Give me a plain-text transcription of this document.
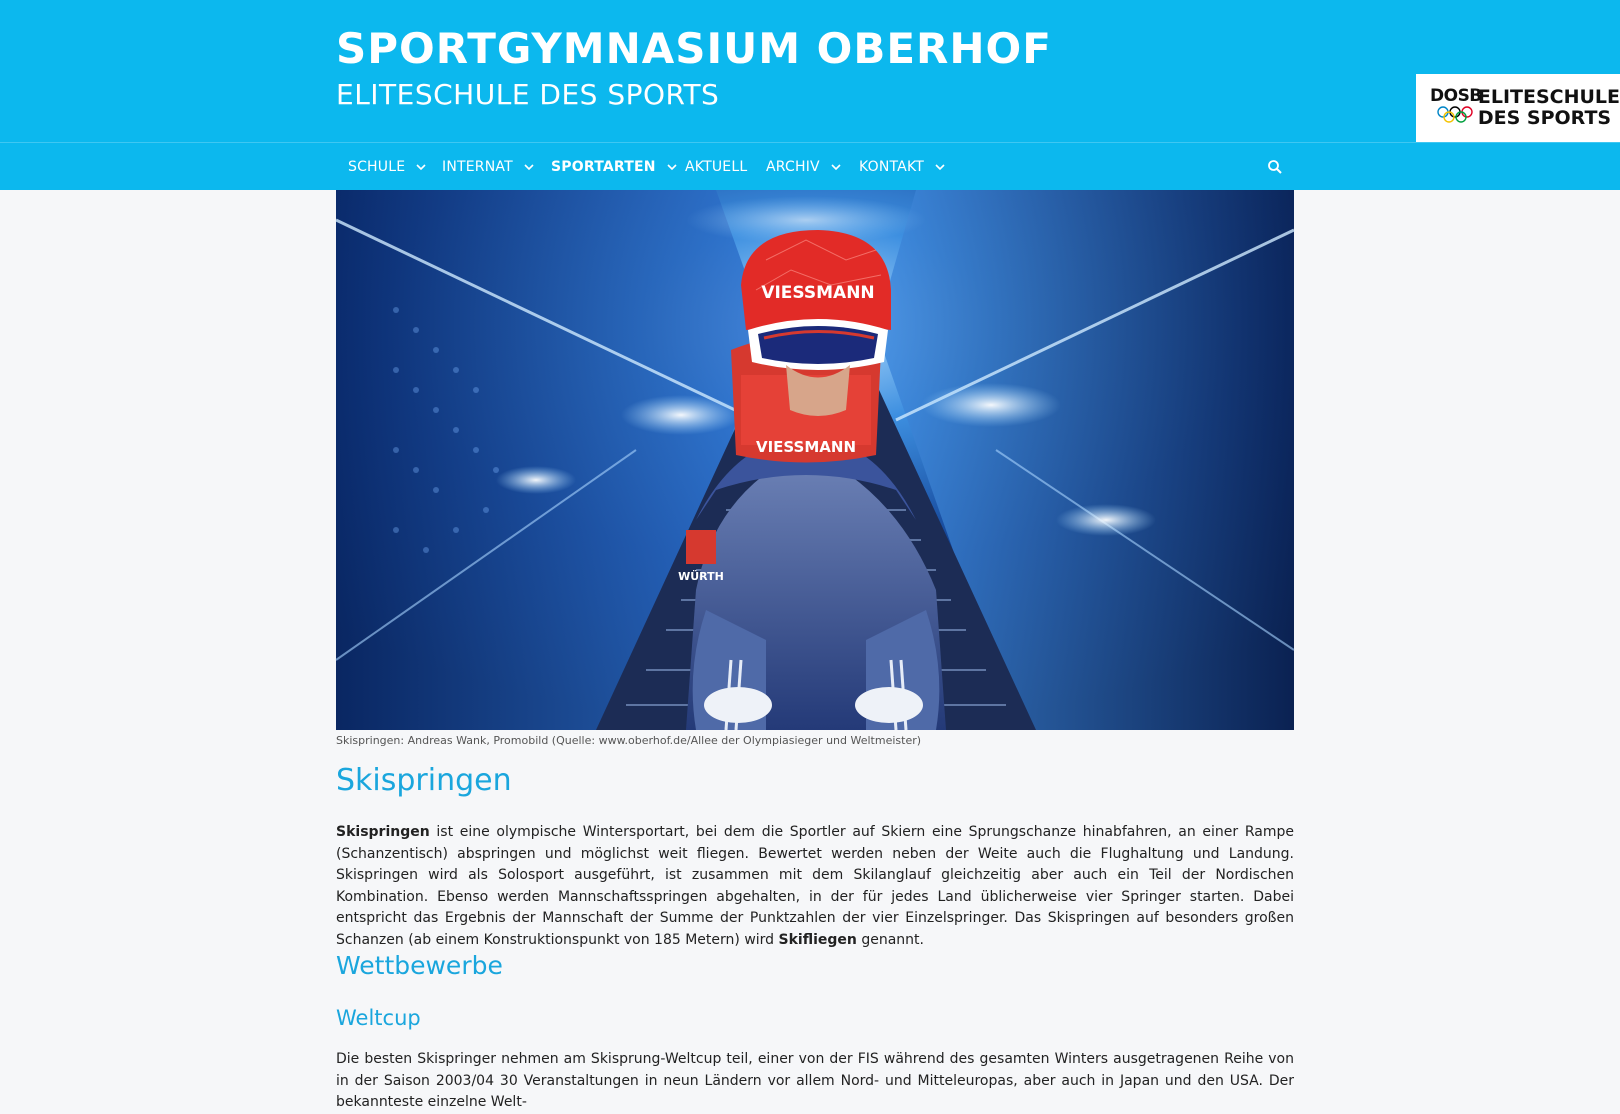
SPORTGYMNASIUM OBERHOF
ELITESCHULE DES SPORTS	DOSB
ELITESCHULE
DES SPORTS
SCHULE	INTERNAT	SPORTARTEN AKTUELL ARCHIV	KONTAKT
VIESSMANN
WÜRTH
VIESSMANN
Skispringen: Andreas Wank, Promobild (Quelle: www.oberhof.de/Allee der Olympiasieger und Weltmeister)
Skispringen

Skispringen ist eine olympische Wintersportart, bei dem die Sportler auf Skiern eine Sprungschanze hinabfahren, an einer Rampe (Schanzentisch) abspringen und möglichst weit fliegen. Bewertet werden neben der Weite auch die Flughaltung und Landung. Skispringen wird als Solosport ausgeführt, ist zusammen mit dem Skilanglauf gleichzeitig aber auch ein Teil der Nordischen Kombination. Ebenso werden Mannschaftsspringen abgehalten, in der für jedes Land üblicherweise vier Springer starten. Dabei entspricht das Ergebnis der Mannschaft der Summe der Punktzahlen der vier Einzelspringer. Das Skispringen auf besonders großen Schanzen (ab einem Konstruktionspunkt von 185 Metern) wird Skifliegen genannt.

Wettbewerbe
Weltcup

Die besten Skispringer nehmen am Skisprung-Weltcup teil, einer von der FIS während des gesamten Winters ausgetragenen Reihe von in der Saison 2003/04 30 Veranstaltungen in neun Ländern vor allem Nord- und Mitteleuropas, aber auch in Japan und den USA. Der bekannteste einzelne Welt-
